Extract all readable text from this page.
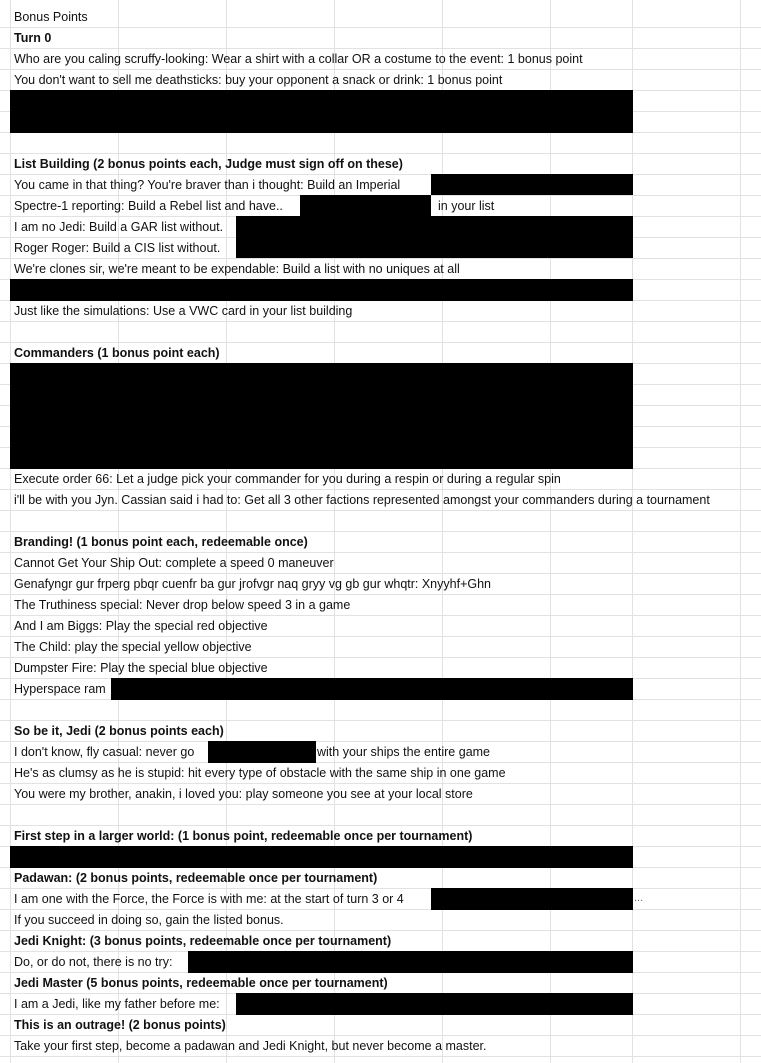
Bonus Points
Turn 0
Who are you caling scruffy-looking: Wear a shirt with a collar OR a costume to the event: 1 bonus point
You don't want to sell me deathsticks: buy your opponent a snack or drink: 1 bonus point
List Building (2 bonus points each, Judge must sign off on these)
You came in that thing? You're braver than i thought: Build an Imperial
Spectre-1 reporting: Build a Rebel list and have..	in your list
I am no Jedi: Build a GAR list without.
Roger Roger: Build a CIS list without.
We're clones sir, we're meant to be expendable: Build a list with no uniques at all
Just like the simulations: Use a VWC card in your list building
Commanders (1 bonus point each)
Execute order 66: Let a judge pick your commander for you during a respin or during a regular spin
i'll be with you Jyn. Cassian said i had to: Get all 3 other factions represented amongst your commanders during a tournament
Branding! (1 bonus point each, redeemable once)
Cannot Get Your Ship Out: complete a speed 0 maneuver
Genafyngr gur frperg pbqr cuenfr ba gur jrofvgr naq gryy vg gb gur whqtr: Xnyyhf+Ghn
The Truthiness special: Never drop below speed 3 in a game
And I am Biggs: Play the special red objective
The Child: play the special yellow objective
Dumpster Fire: Play the special blue objective
Hyperspace ram
So be it, Jedi (2 bonus points each)
I don't know, fly casual: never go	with your ships the entire game
He's as clumsy as he is stupid: hit every type of obstacle with the same ship in one game
You were my brother, anakin, i loved you: play someone you see at your local store
First step in a larger world: (1 bonus point, redeemable once per tournament)
Padawan: (2 bonus points, redeemable once per tournament)
I am one with the Force, the Force is with me: at the start of turn 3 or 4	...
If you succeed in doing so, gain the listed bonus.
Jedi Knight: (3 bonus points, redeemable once per tournament)
Do, or do not, there is no try:
Jedi Master (5 bonus points, redeemable once per tournament)
I am a Jedi, like my father before me:
This is an outrage! (2 bonus points)
Take your first step, become a padawan and Jedi Knight, but never become a master.
